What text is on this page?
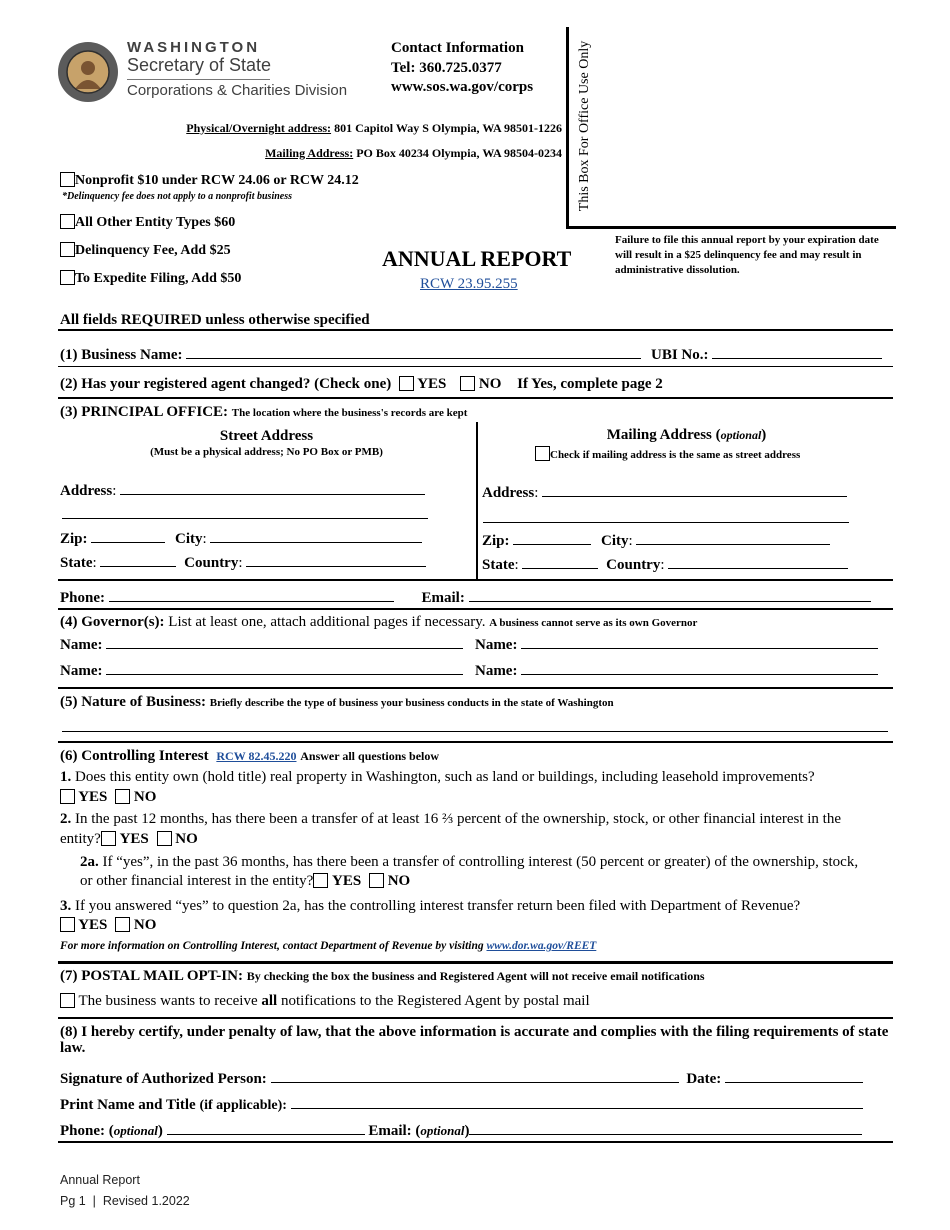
WASHINGTON
Secretary of State
Corporations & Charities Division
Contact Information
Tel: 360.725.0377
www.sos.wa.gov/corps
Physical/Overnight address: 801 Capitol Way S Olympia, WA 98501-1226
Mailing Address: PO Box 40234 Olympia, WA 98504-0234 This Box For Office Use Only
Nonprofit $10 under RCW 24.06 or RCW 24.12
*Delinquency fee does not apply to a nonprofit business
All Other Entity Types $60
Delinquency Fee, Add $25
To Expedite Filing, Add $50
ANNUAL REPORT
RCW 23.95.255
Failure to file this annual report by your expiration date will result in a $25 delinquency fee and may result in administrative dissolution.
All fields REQUIRED unless otherwise specified
(1) Business Name:	UBI No.:
(2) Has your registered agent changed? (Check one) YES NO If Yes, complete page 2
(3) PRINCIPAL OFFICE: The location where the business's records are kept
Street Address
(Must be a physical address; No PO Box or PMB)
Mailing Address (optional)
Check if mailing address is the same as street address
Address:
Zip:	City:
State:	Country:
Address:
Zip:	City:
State:	Country:
Phone:	Email:
(4) Governor(s): List at least one, attach additional pages if necessary. A business cannot serve as its own Governor
Name:	Name:
Name:	Name:
(5) Nature of Business: Briefly describe the type of business your business conducts in the state of Washington
(6) Controlling Interest RCW 82.45.220 Answer all questions below
1. Does this entity own (hold title) real property in Washington, such as land or buildings, including leasehold improvements?
YES NO
2. In the past 12 months, has there been a transfer of at least 16 ⅔ percent of the ownership, stock, or other financial interest in the
entity? YES NO
2a. If “yes”, in the past 36 months, has there been a transfer of controlling interest (50 percent or greater) of the ownership, stock,
or other financial interest in the entity? YES NO
3. If you answered “yes” to question 2a, has the controlling interest transfer return been filed with Department of Revenue?
YES NO
For more information on Controlling Interest, contact Department of Revenue by visiting www.dor.wa.gov/REET
(7) POSTAL MAIL OPT-IN: By checking the box the business and Registered Agent will not receive email notifications
The business wants to receive all notifications to the Registered Agent by postal mail
(8) I hereby certify, under penalty of law, that the above information is accurate and complies with the filing requirements of state law.
Signature of Authorized Person:	Date:
Print Name and Title (if applicable):
Phone: (optional)	Email: (optional)
Annual Report
Pg 1  |  Revised 1.2022
